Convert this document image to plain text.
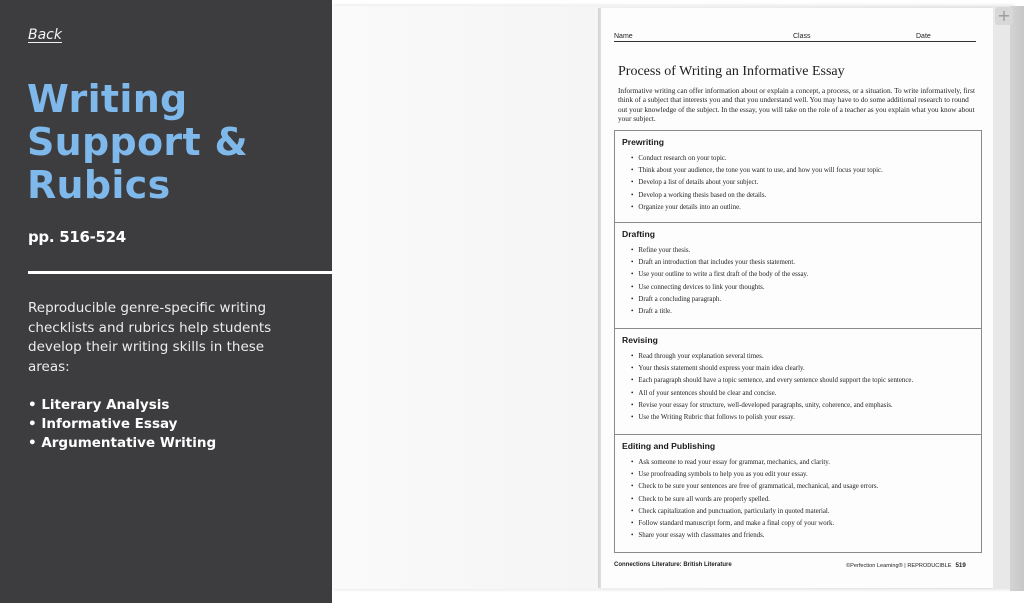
Back
Writing Support & Rubics
pp. 516-524

Reproducible genre-specific writing checklists and rubrics help students develop their writing skills in these areas:

• Literary Analysis
• Informative Essay
• Argumentative Writing
Name	Class	Date
Process of Writing an Informative Essay

Informative writing can offer information about or explain a concept, a process, or a situation. To write informatively, first think of a subject that interests you and that you understand well. You may have to do some additional research to round out your knowledge of the subject. In the essay, you will take on the role of a teacher as you explain what you know about your subject.

Prewriting
• Conduct research on your topic.
• Think about your audience, the tone you want to use, and how you will focus your topic.
• Develop a list of details about your subject.
• Develop a working thesis based on the details.
• Organize your details into an outline.
Drafting
• Refine your thesis.
• Draft an introduction that includes your thesis statement.
• Use your outline to write a first draft of the body of the essay.
• Use connecting devices to link your thoughts.
• Draft a concluding paragraph.
• Draft a title.
Revising
• Read through your explanation several times.
• Your thesis statement should express your main idea clearly.
• Each paragraph should have a topic sentence, and every sentence should support the topic sentence.
• All of your sentences should be clear and concise.
• Revise your essay for structure, well-developed paragraphs, unity, coherence, and emphasis.
• Use the Writing Rubric that follows to polish your essay.
Editing and Publishing
• Ask someone to read your essay for grammar, mechanics, and clarity.
• Use proofreading symbols to help you as you edit your essay.
• Check to be sure your sentences are free of grammatical, mechanical, and usage errors.
• Check to be sure all words are properly spelled.
• Check capitalization and punctuation, particularly in quoted material.
• Follow standard manuscript form, and make a final copy of your work.
• Share your essay with classmates and friends.
Connections Literature: British Literature	©Perfection Learning® | REPRODUCIBLE 519
+
